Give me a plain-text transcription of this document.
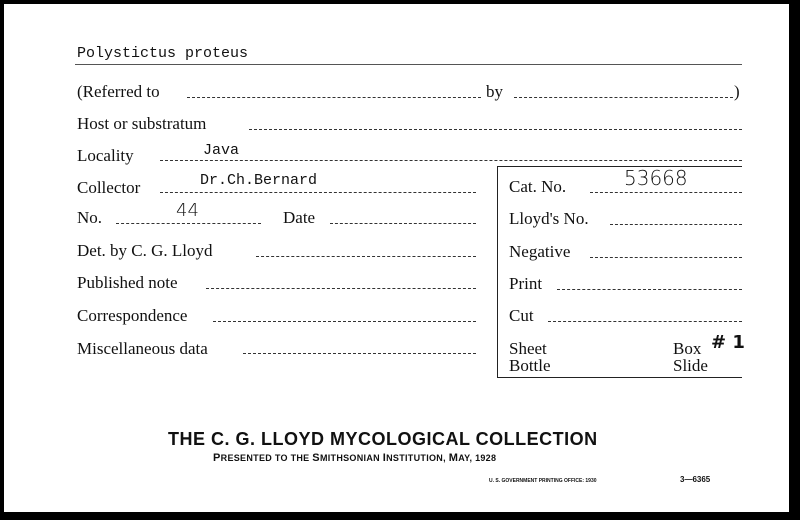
Polystictus proteus
(Referred to	by	)
Host or substratum
Locality	Java
Collector	Dr.Ch.Bernard
No.	44	Date
Det. by C. G. Lloyd
Published note
Correspondence
Miscellaneous data
Cat. No.	53668
Lloyd's No.
Negative
Print
Cut
Sheet
Bottle
Box # 1
Slide
THE C. G. LLOYD MYCOLOGICAL COLLECTION
PRESENTED TO THE SMITHSONIAN INSTITUTION, MAY, 1928
U. S. GOVERNMENT PRINTING OFFICE: 1930	3—6365
